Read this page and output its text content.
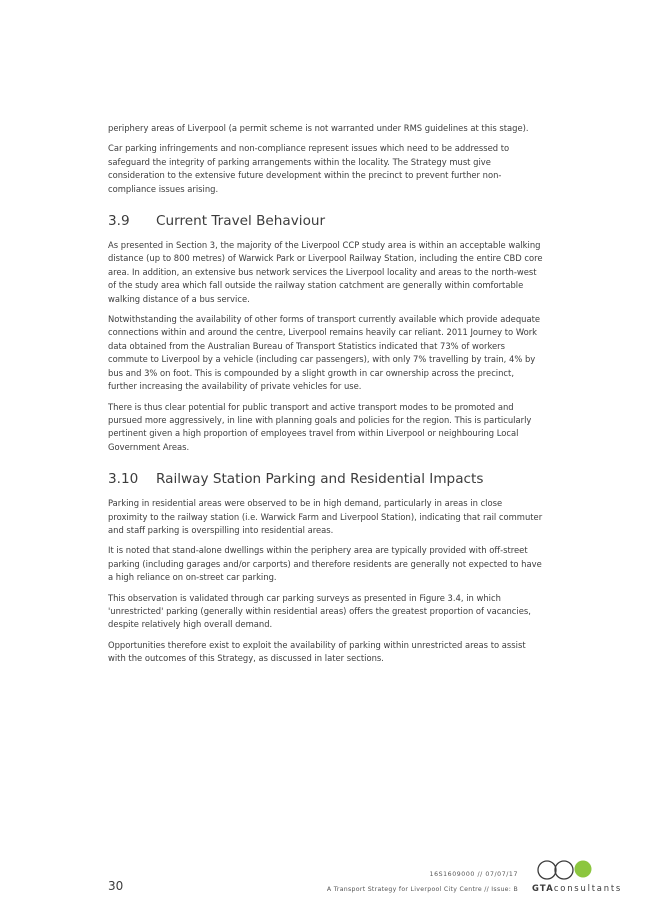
periphery areas of Liverpool (a permit scheme is not warranted under RMS guidelines at this stage).

Car parking infringements and non-compliance represent issues which need to be addressed to safeguard the integrity of parking arrangements within the locality. The Strategy must give consideration to the extensive future development within the precinct to prevent further non-compliance issues arising.

3.9 Current Travel Behaviour

As presented in Section 3, the majority of the Liverpool CCP study area is within an acceptable walking distance (up to 800 metres) of Warwick Park or Liverpool Railway Station, including the entire CBD core area. In addition, an extensive bus network services the Liverpool locality and areas to the north-west of the study area which fall outside the railway station catchment are generally within comfortable walking distance of a bus service.

Notwithstanding the availability of other forms of transport currently available which provide adequate connections within and around the centre, Liverpool remains heavily car reliant. 2011 Journey to Work data obtained from the Australian Bureau of Transport Statistics indicated that 73% of workers commute to Liverpool by a vehicle (including car passengers), with only 7% travelling by train, 4% by bus and 3% on foot. This is compounded by a slight growth in car ownership across the precinct, further increasing the availability of private vehicles for use.

There is thus clear potential for public transport and active transport modes to be promoted and pursued more aggressively, in line with planning goals and policies for the region. This is particularly pertinent given a high proportion of employees travel from within Liverpool or neighbouring Local Government Areas.

3.10 Railway Station Parking and Residential Impacts

Parking in residential areas were observed to be in high demand, particularly in areas in close proximity to the railway station (i.e. Warwick Farm and Liverpool Station), indicating that rail commuter and staff parking is overspilling into residential areas.

It is noted that stand-alone dwellings within the periphery area are typically provided with off-street parking (including garages and/or carports) and therefore residents are generally not expected to have a high reliance on on-street car parking.

This observation is validated through car parking surveys as presented in Figure 3.4, in which 'unrestricted' parking (generally within residential areas) offers the greatest proportion of vacancies, despite relatively high overall demand.

Opportunities therefore exist to exploit the availability of parking within unrestricted areas to assist with the outcomes of this Strategy, as discussed in later sections.

30
16S1609000 // 07/07/17
A Transport Strategy for Liverpool City Centre // Issue: B GTAconsultants
